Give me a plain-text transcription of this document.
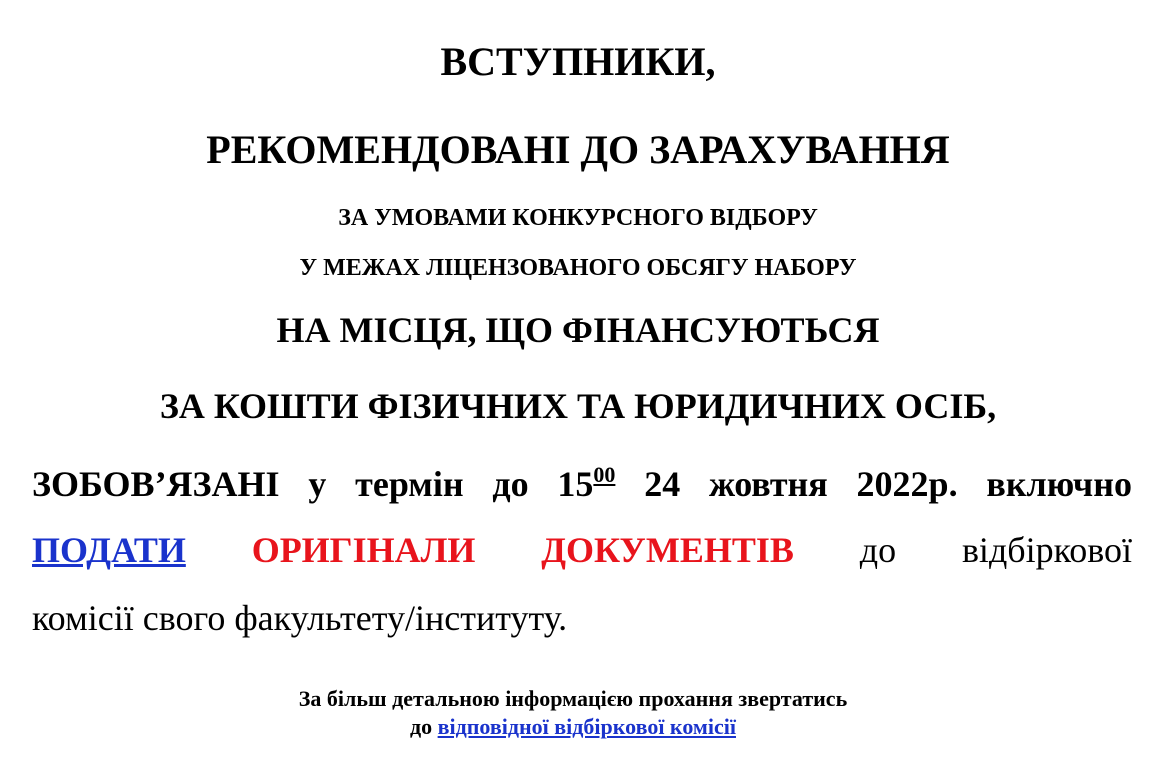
ВСТУПНИКИ,
РЕКОМЕНДОВАНІ ДО ЗАРАХУВАННЯ
ЗА УМОВАМИ КОНКУРСНОГО ВІДБОРУ
У МЕЖАХ ЛІЦЕНЗОВАНОГО ОБСЯГУ НАБОРУ
НА МІСЦЯ, ЩО ФІНАНСУЮТЬСЯ
ЗА КОШТИ ФІЗИЧНИХ ТА ЮРИДИЧНИХ ОСІБ,
ЗОБОВ’ЯЗАНІ у термін до $15^{00}$ 24 жовтня 2022р. включно
ПОДАТИ ОРИГІНАЛИ ДОКУМЕНТІВ до відбіркової
комісії свого факультету/інституту.
За більш детальною інформацією прохання звертатись
до відповідної відбіркової комісії
